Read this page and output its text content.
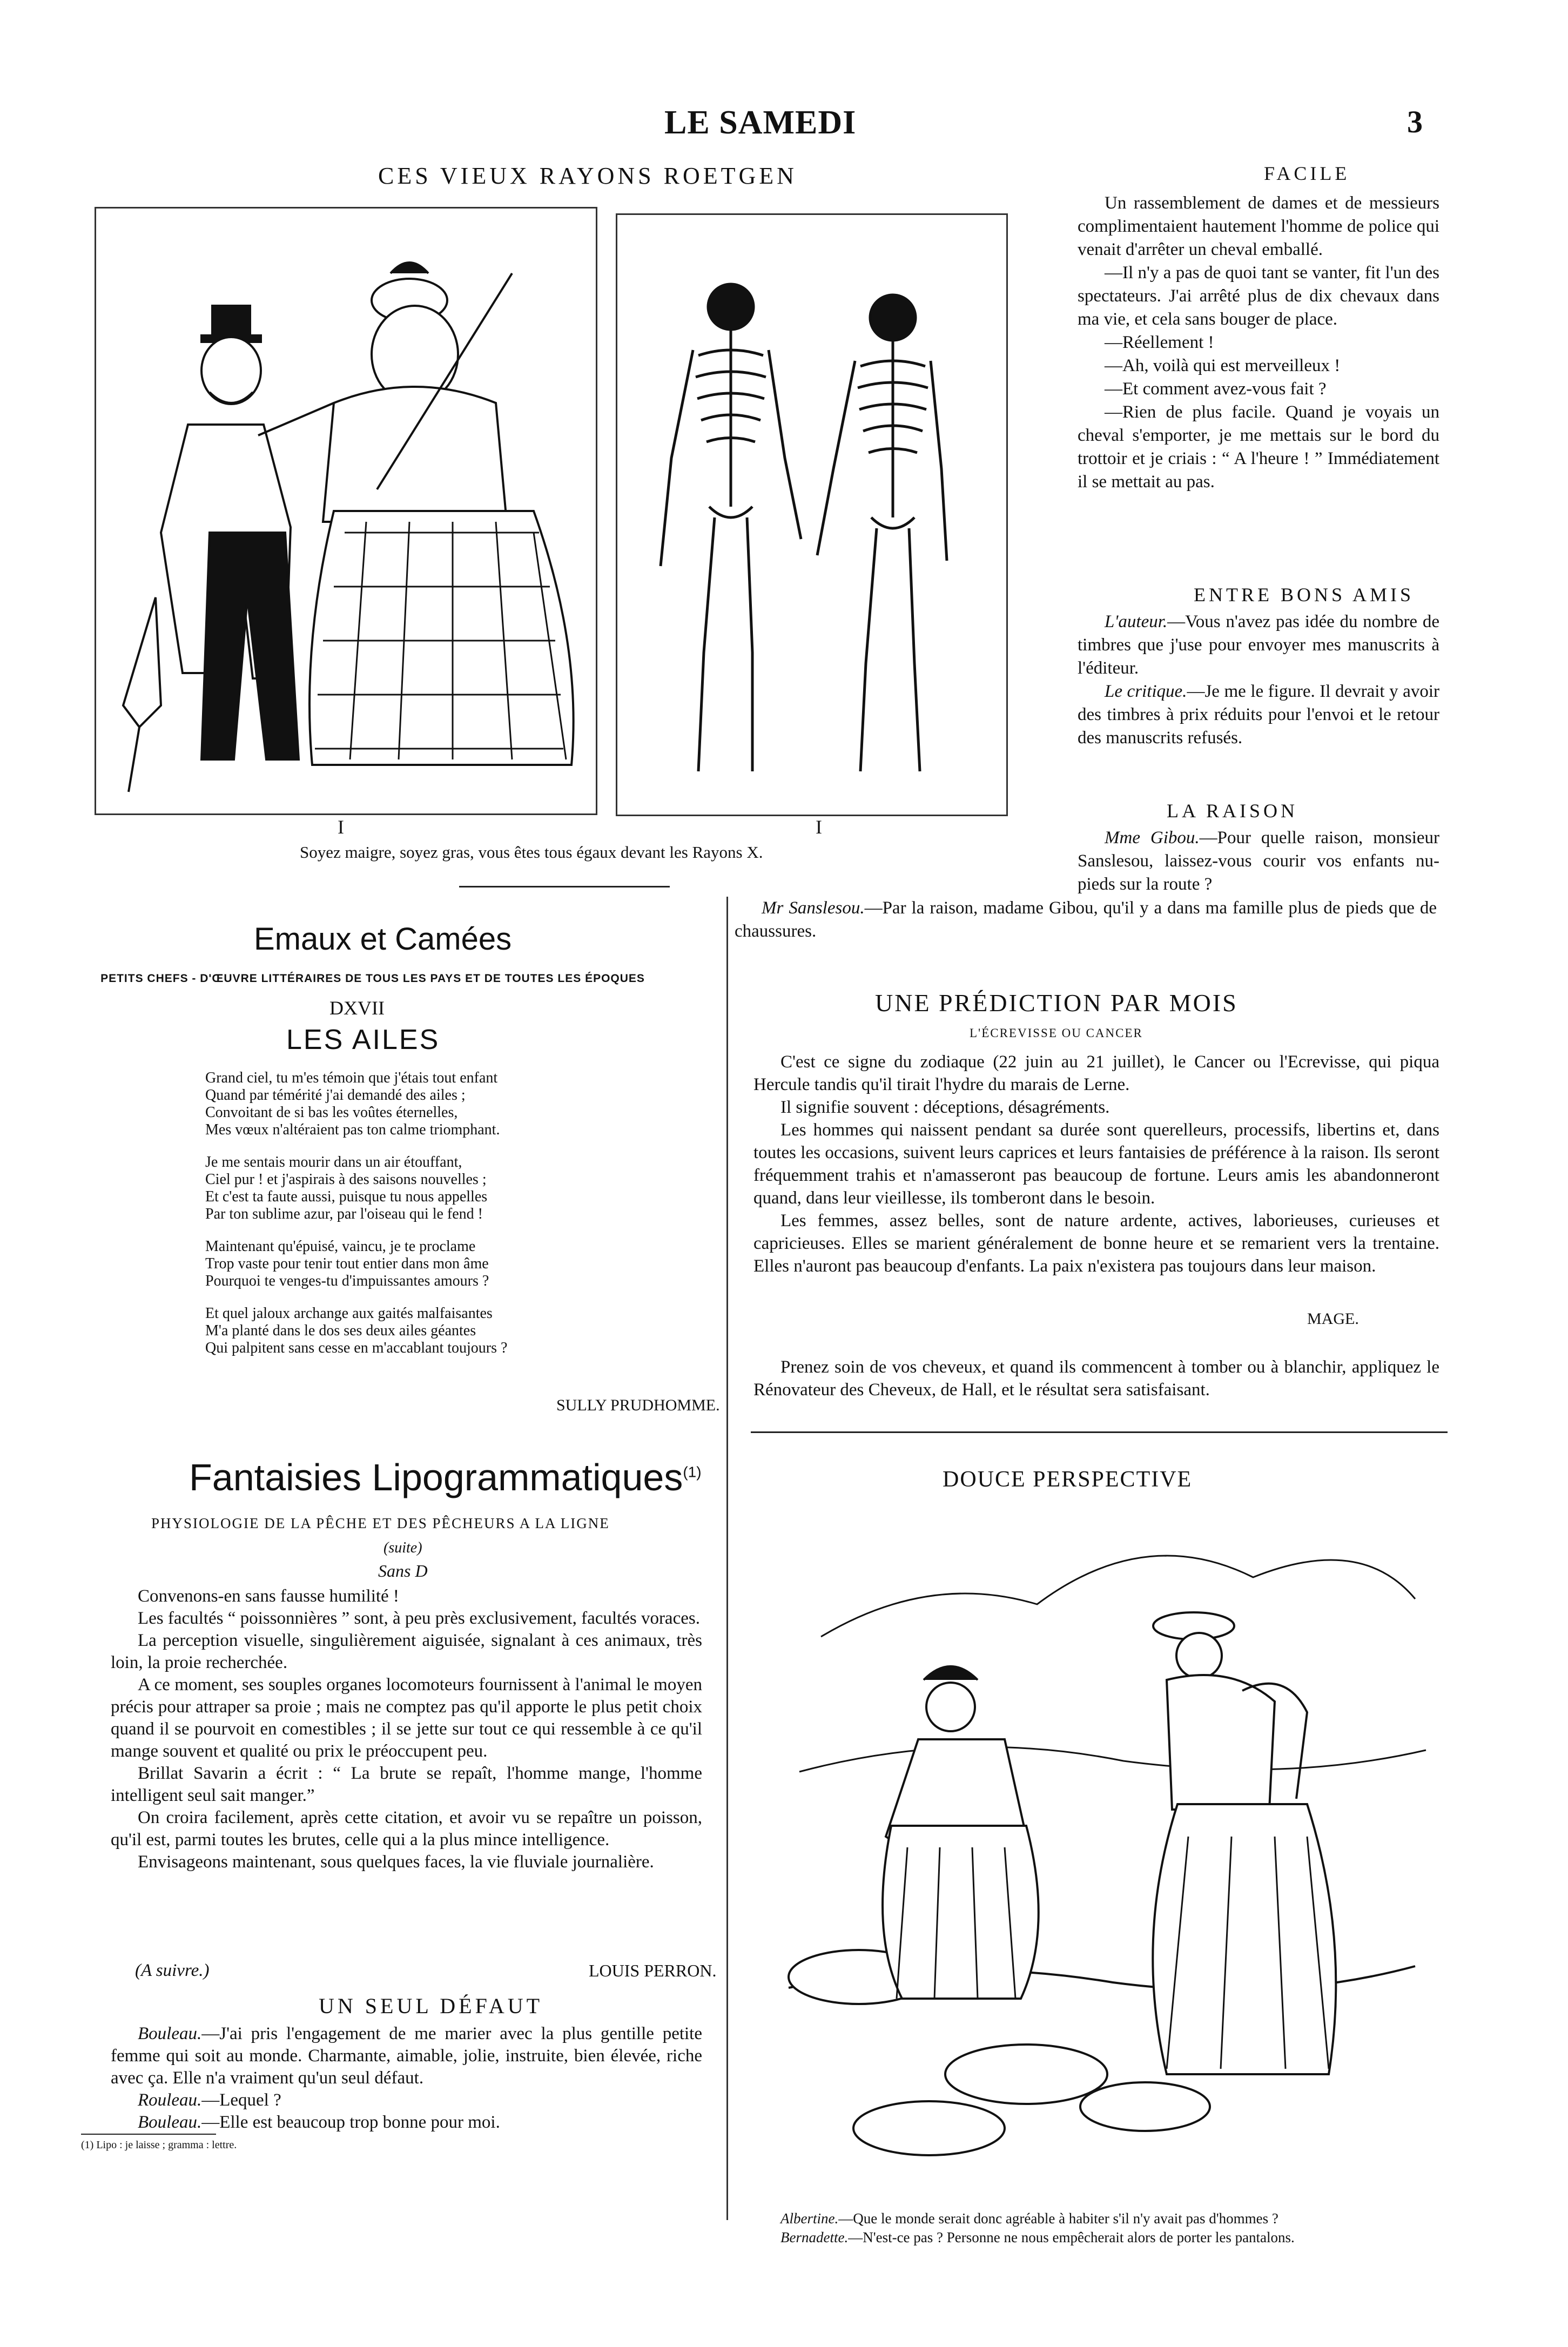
LE SAMEDI	3
CES VIEUX RAYONS ROETGEN
I	I
Soyez maigre, soyez gras, vous êtes tous égaux devant les Rayons X.
FACILE

Un rassemblement de dames et de messieurs complimentaient hautement l'homme de police qui venait d'arrêter un cheval emballé.

—Il n'y a pas de quoi tant se vanter, fit l'un des spectateurs. J'ai arrêté plus de dix chevaux dans ma vie, et cela sans bouger de place.

—Réellement !

—Ah, voilà qui est merveilleux !

—Et comment avez-vous fait ?

—Rien de plus facile. Quand je voyais un cheval s'emporter, je me mettais sur le bord du trottoir et je criais : “ A l'heure ! ” Immédiatement il se mettait au pas.

ENTRE BONS AMIS

L'auteur.—Vous n'avez pas idée du nombre de timbres que j'use pour envoyer mes manuscrits à l'éditeur.

Le critique.—Je me le figure. Il devrait y avoir des timbres à prix réduits pour l'envoi et le retour des manuscrits refusés.

LA RAISON

Mme Gibou.—Pour quelle raison, monsieur Sanslesou, laissez-vous courir vos enfants nu-pieds sur la route ?

Mr Sanslesou.—Par la raison, madame Gibou, qu'il y a dans ma famille plus de pieds que de chaussures.

Emaux et Camées
PETITS CHEFS - D'ŒUVRE LITTÉRAIRES DE TOUS LES PAYS ET DE TOUTES LES ÉPOQUES
DXVII
LES AILES

Grand ciel, tu m'es témoin que j'étais tout enfant

Quand par témérité j'ai demandé des ailes ;

Convoitant de si bas les voûtes éternelles,

Mes vœux n'altéraient pas ton calme triomphant.

Je me sentais mourir dans un air étouffant,

Ciel pur ! et j'aspirais à des saisons nouvelles ;

Et c'est ta faute aussi, puisque tu nous appelles

Par ton sublime azur, par l'oiseau qui le fend !

Maintenant qu'épuisé, vaincu, je te proclame

Trop vaste pour tenir tout entier dans mon âme

Pourquoi te venges-tu d'impuissantes amours ?

Et quel jaloux archange aux gaités malfaisantes

M'a planté dans le dos ses deux ailes géantes

Qui palpitent sans cesse en m'accablant toujours ?

SULLY PRUDHOMME.
Fantaisies Lipogrammatiques$^{(1)}$
PHYSIOLOGIE DE LA PÊCHE ET DES PÊCHEURS A LA LIGNE
(suite)
Sans D

Convenons-en sans fausse humilité !

Les facultés “ poissonnières ” sont, à peu près exclusivement, facultés voraces.

La perception visuelle, singulièrement aiguisée, signalant à ces animaux, très loin, la proie recherchée.

A ce moment, ses souples organes locomoteurs fournissent à l'animal le moyen précis pour attraper sa proie ; mais ne comptez pas qu'il apporte le plus petit choix quand il se pourvoit en comestibles ; il se jette sur tout ce qui ressemble à ce qu'il mange souvent et qualité ou prix le préoccupent peu.

Brillat Savarin a écrit : “ La brute se repaît, l'homme mange, l'homme intelligent seul sait manger.”

On croira facilement, après cette citation, et avoir vu se repaître un poisson, qu'il est, parmi toutes les brutes, celle qui a la plus mince intelligence.

Envisageons maintenant, sous quelques faces, la vie fluviale journalière.

(A suivre.)	LOUIS PERRON.
UN SEUL DÉFAUT

Bouleau.—J'ai pris l'engagement de me marier avec la plus gentille petite femme qui soit au monde. Charmante, aimable, jolie, instruite, bien élevée, riche avec ça. Elle n'a vraiment qu'un seul défaut.

Rouleau.—Lequel ?

Bouleau.—Elle est beaucoup trop bonne pour moi.

(1) Lipo : je laisse ; gramma : lettre.
UNE PRÉDICTION PAR MOIS
L'ÉCREVISSE OU CANCER

C'est ce signe du zodiaque (22 juin au 21 juillet), le Cancer ou l'Ecrevisse, qui piqua Hercule tandis qu'il tirait l'hydre du marais de Lerne.

Il signifie souvent : déceptions, désagréments.

Les hommes qui naissent pendant sa durée sont querelleurs, processifs, libertins et, dans toutes les occasions, suivent leurs caprices et leurs fantaisies de préférence à la raison. Ils seront fréquemment trahis et n'amasseront pas beaucoup de fortune. Leurs amis les abandonneront quand, dans leur vieillesse, ils tomberont dans le besoin.

Les femmes, assez belles, sont de nature ardente, actives, laborieuses, curieuses et capricieuses. Elles se marient généralement de bonne heure et se remarient vers la trentaine. Elles n'auront pas beaucoup d'enfants. La paix n'existera pas toujours dans leur maison.

MAGE.

Prenez soin de vos cheveux, et quand ils commencent à tomber ou à blanchir, appliquez le Rénovateur des Cheveux, de Hall, et le résultat sera satisfaisant.

DOUCE PERSPECTIVE

Albertine.—Que le monde serait donc agréable à habiter s'il n'y avait pas d'hommes ?

Bernadette.—N'est-ce pas ? Personne ne nous empêcherait alors de porter les pantalons.
